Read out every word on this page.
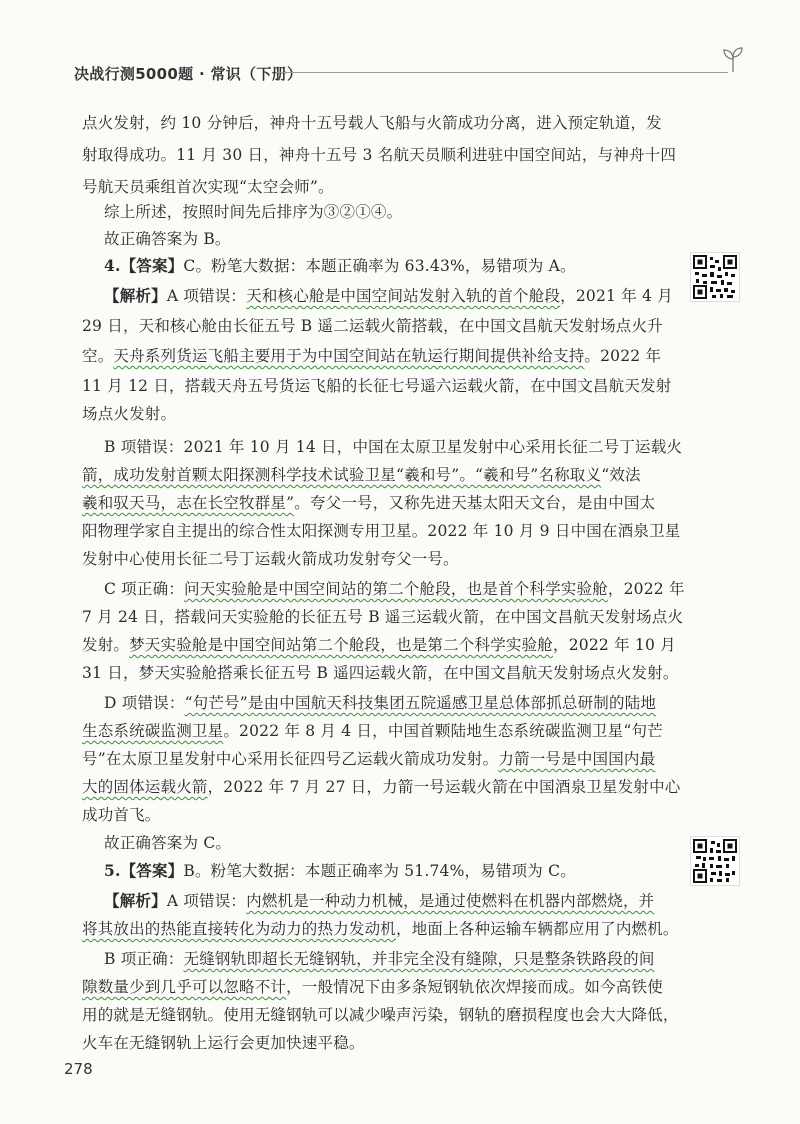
决战行测5000题 · 常识（下册）
点火发射，约 10 分钟后，神舟十五号载人飞船与火箭成功分离，进入预定轨道，发
射取得成功。11 月 30 日，神舟十五号 3 名航天员顺利进驻中国空间站，与神舟十四
号航天员乘组首次实现“太空会师”。
综上所述，按照时间先后排序为③②①④。
故正确答案为 B。
4.【答案】C。粉笔大数据：本题正确率为 63.43%，易错项为 A。
【解析】A 项错误：天和核心舱是中国空间站发射入轨的首个舱段，2021 年 4 月
29 日，天和核心舱由长征五号 B 遥二运载火箭搭载，在中国文昌航天发射场点火升
空。天舟系列货运飞船主要用于为中国空间站在轨运行期间提供补给支持。2022 年
11 月 12 日，搭载天舟五号货运飞船的长征七号遥六运载火箭，在中国文昌航天发射
场点火发射。
B 项错误：2021 年 10 月 14 日，中国在太原卫星发射中心采用长征二号丁运载火
箭，成功发射首颗太阳探测科学技术试验卫星“羲和号”。“羲和号”名称取义“效法
羲和驭天马，志在长空牧群星”。夸父一号，又称先进天基太阳天文台，是由中国太
阳物理学家自主提出的综合性太阳探测专用卫星。2022 年 10 月 9 日中国在酒泉卫星
发射中心使用长征二号丁运载火箭成功发射夸父一号。
C 项正确：问天实验舱是中国空间站的第二个舱段，也是首个科学实验舱，2022 年
7 月 24 日，搭载问天实验舱的长征五号 B 遥三运载火箭，在中国文昌航天发射场点火
发射。梦天实验舱是中国空间站第二个舱段，也是第二个科学实验舱，2022 年 10 月
31 日，梦天实验舱搭乘长征五号 B 遥四运载火箭，在中国文昌航天发射场点火发射。
D 项错误：“句芒号”是由中国航天科技集团五院遥感卫星总体部抓总研制的陆地
生态系统碳监测卫星。2022 年 8 月 4 日，中国首颗陆地生态系统碳监测卫星“句芒
号”在太原卫星发射中心采用长征四号乙运载火箭成功发射。力箭一号是中国国内最
大的固体运载火箭，2022 年 7 月 27 日，力箭一号运载火箭在中国酒泉卫星发射中心
成功首飞。
故正确答案为 C。
5.【答案】B。粉笔大数据：本题正确率为 51.74%，易错项为 C。
【解析】A 项错误：内燃机是一种动力机械，是通过使燃料在机器内部燃烧，并
将其放出的热能直接转化为动力的热力发动机，地面上各种运输车辆都应用了内燃机。
B 项正确：无缝钢轨即超长无缝钢轨，并非完全没有缝隙，只是整条铁路段的间
隙数量少到几乎可以忽略不计，一般情况下由多条短钢轨依次焊接而成。如今高铁使
用的就是无缝钢轨。使用无缝钢轨可以减少噪声污染，钢轨的磨损程度也会大大降低，
火车在无缝钢轨上运行会更加快速平稳。
278
